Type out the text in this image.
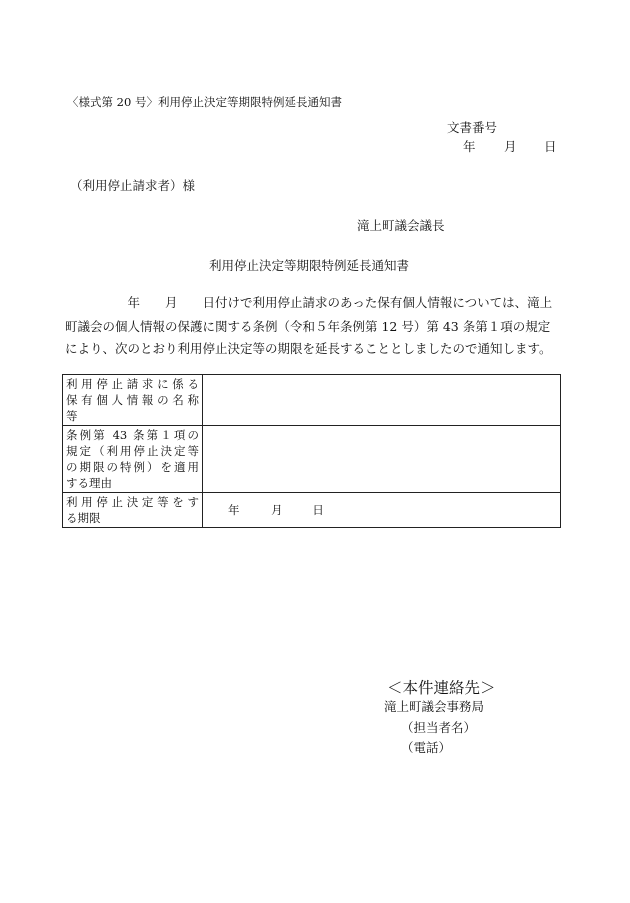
〈様式第 20 号〉利用停止決定等期限特例延長通知書
文書番号
年 月 日
（利用停止請求者）様
滝上町議会議長
利用停止決定等期限特例延長通知書
　　　　　年　　月　　日付けで利用停止請求のあった保有個人情報については、滝上
町議会の個人情報の保護に関する条例（令和５年条例第 12 号）第 43 条第１項の規定
により、次のとおり利用停止決定等の期限を延長することとしましたので通知します。
利用停止請求に係る
保有個人情報の名称
等	

条例第 43 条第１項の
規定（利用停止決定等
の期限の特例）を適用
する理由	

利用停止決定等をす
る期限	年 月 日
＜本件連絡先＞
滝上町議会事務局
（担当者名）
（電話）
